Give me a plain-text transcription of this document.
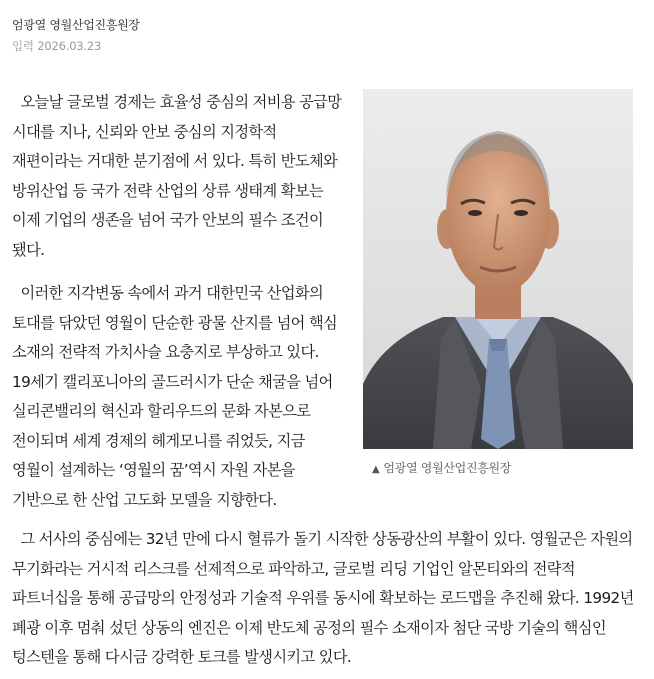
엄광열 영월산업진흥원장
입력 2026.03.23

오늘날 글로벌 경제는 효율성 중심의 저비용 공급망 시대를 지나, 신뢰와 안보 중심의 지정학적 재편이라는 거대한 분기점에 서 있다. 특히 반도체와 방위산업 등 국가 전략 산업의 상류 생태계 확보는 이제 기업의 생존을 넘어 국가 안보의 필수 조건이 됐다.

이러한 지각변동 속에서 과거 대한민국 산업화의 토대를 닦았던 영월이 단순한 광물 산지를 넘어 핵심 소재의 전략적 가치사슬 요충지로 부상하고 있다. 19세기 캘리포니아의 골드러시가 단순 채굴을 넘어 실리콘밸리의 혁신과 할리우드의 문화 자본으로 전이되며 세계 경제의 헤게모니를 쥐었듯, 지금 영월이 설계하는 ‘영월의 꿈’역시 자원 자본을 기반으로 한 산업 고도화 모델을 지향한다.

그 서사의 중심에는 32년 만에 다시 혈류가 돌기 시작한 상동광산의 부활이 있다. 영월군은 자원의 무기화라는 거시적 리스크를 선제적으로 파악하고, 글로벌 리딩 기업인 알몬티와의 전략적 파트너십을 통해 공급망의 안정성과 기술적 우위를 동시에 확보하는 로드맵을 추진해 왔다. 1992년 폐광 이후 멈춰 섰던 상동의 엔진은 이제 반도체 공정의 필수 소재이자 첨단 국방 기술의 핵심인 텅스텐을 통해 다시금 강력한 토크를 발생시키고 있다.

▲ 엄광열 영월산업진흥원장
